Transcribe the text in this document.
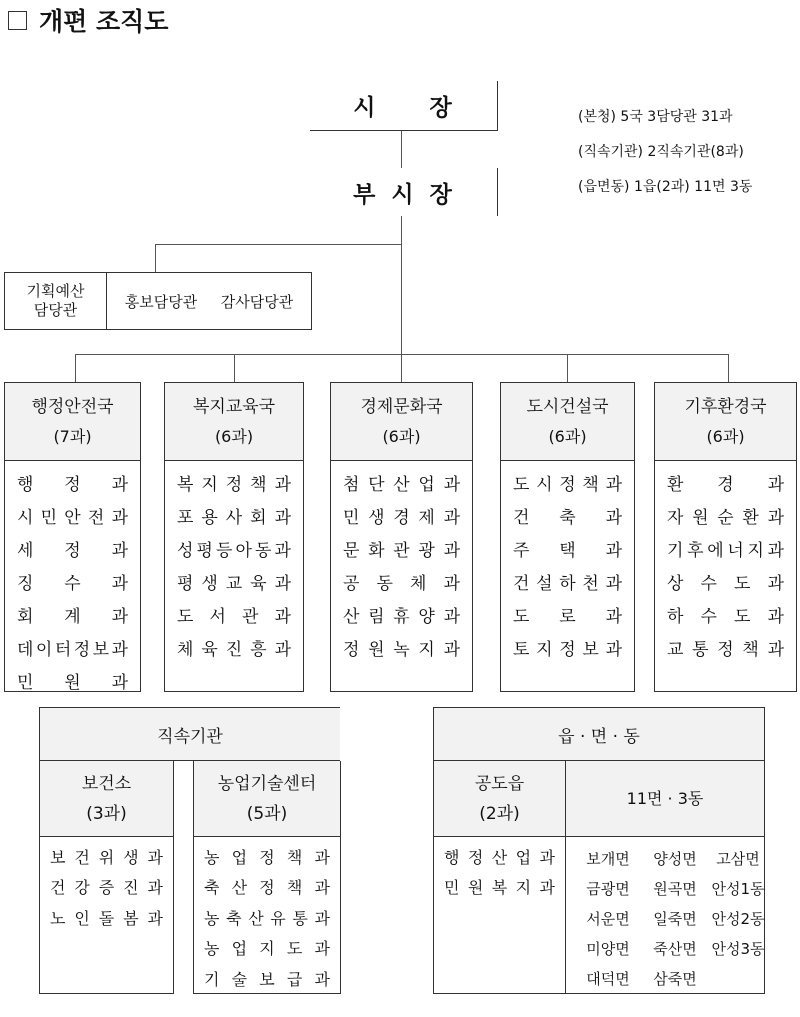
개편 조직도
시 장
부 시 장
(본청) 5국 3담당관 31과
(직속기관) 2직속기관(8과)
(읍면동) 1읍(2과) 11면 3동
기획예산
담당관	홍보담당관 감사담당관
행정안전국
(7과)
행 정 과
시 민 안 전 과
세 정 과
징 수 과
회 계 과
데 이 터 정 보 과
민 원 과
복지교육국
(6과)
복 지 정 책 과
포 용 사 회 과
성 평 등 아 동 과
평 생 교 육 과
도 서 관 과
체 육 진 흥 과
경제문화국
(6과)
첨 단 산 업 과
민 생 경 제 과
문 화 관 광 과
공 동 체 과
산 림 휴 양 과
정 원 녹 지 과
도시건설국
(6과)
도 시 정 책 과
건 축 과
주 택 과
건 설 하 천 과
도 로 과
토 지 정 보 과
기후환경국
(6과)
환 경 과
자 원 순 환 과
기 후 에 너 지 과
상 수 도 과
하 수 도 과
교 통 정 책 과
직속기관
보건소
(3과)
보 건 위 생 과
건 강 증 진 과
노 인 돌 봄 과
농업기술센터
(5과)
농 업 정 책 과
축 산 정 책 과
농 축 산 유 통 과
농 업 지 도 과
기 술 보 급 과
읍 · 면 · 동
공도읍
(2과)
행 정 산 업 과
민 원 복 지 과
11면 · 3동
보개면	양성면	고삼면
금광면	원곡면 안성1동
서운면	일죽면 안성2동
미양면	죽산면 안성3동
대덕면	삼죽면
